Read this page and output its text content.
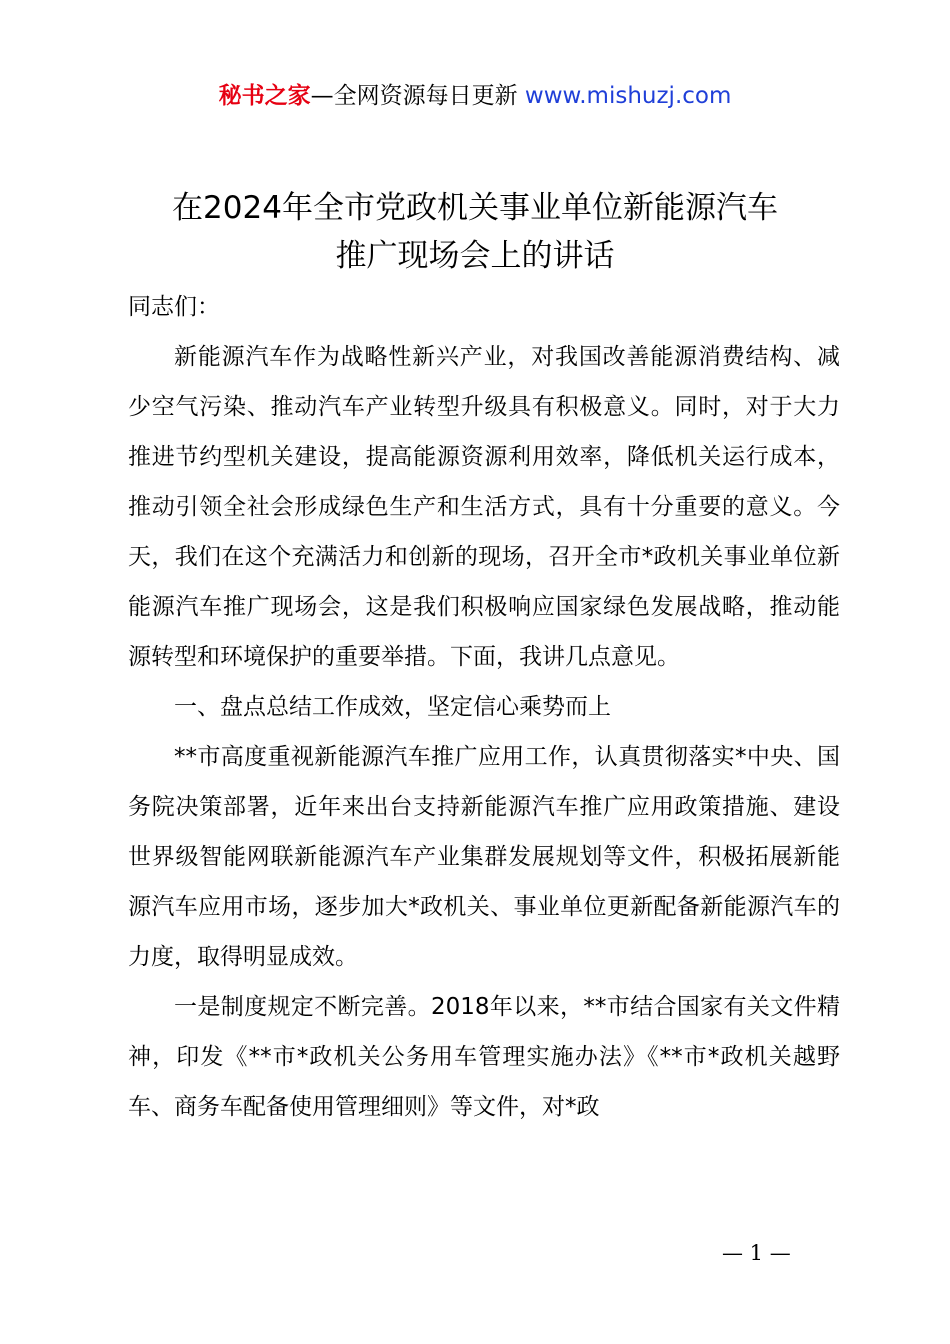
秘书之家—全网资源每日更新 www.mishuzj.com
在2024年全市党政机关事业单位新能源汽车
推广现场会上的讲话

同志们：

新能源汽车作为战略性新兴产业，对我国改善能源消费结构、减少空气污染、推动汽车产业转型升级具有积极意义。同时，对于大力推进节约型机关建设，提高能源资源利用效率，降低机关运行成本，推动引领全社会形成绿色生产和生活方式，具有十分重要的意义。今天，我们在这个充满活力和创新的现场，召开全市*政机关事业单位新能源汽车推广现场会，这是我们积极响应国家绿色发展战略，推动能源转型和环境保护的重要举措。下面，我讲几点意见。

一、盘点总结工作成效，坚定信心乘势而上

**市高度重视新能源汽车推广应用工作，认真贯彻落实*中央、国务院决策部署，近年来出台支持新能源汽车推广应用政策措施、建设世界级智能网联新能源汽车产业集群发展规划等文件，积极拓展新能源汽车应用市场，逐步加大*政机关、事业单位更新配备新能源汽车的力度，取得明显成效。

一是制度规定不断完善。2018年以来，**市结合国家有关文件精神，印发《**市*政机关公务用车管理实施办法》《**市*政机关越野车、商务车配备使用管理细则》等文件，对*政

— 1 —
